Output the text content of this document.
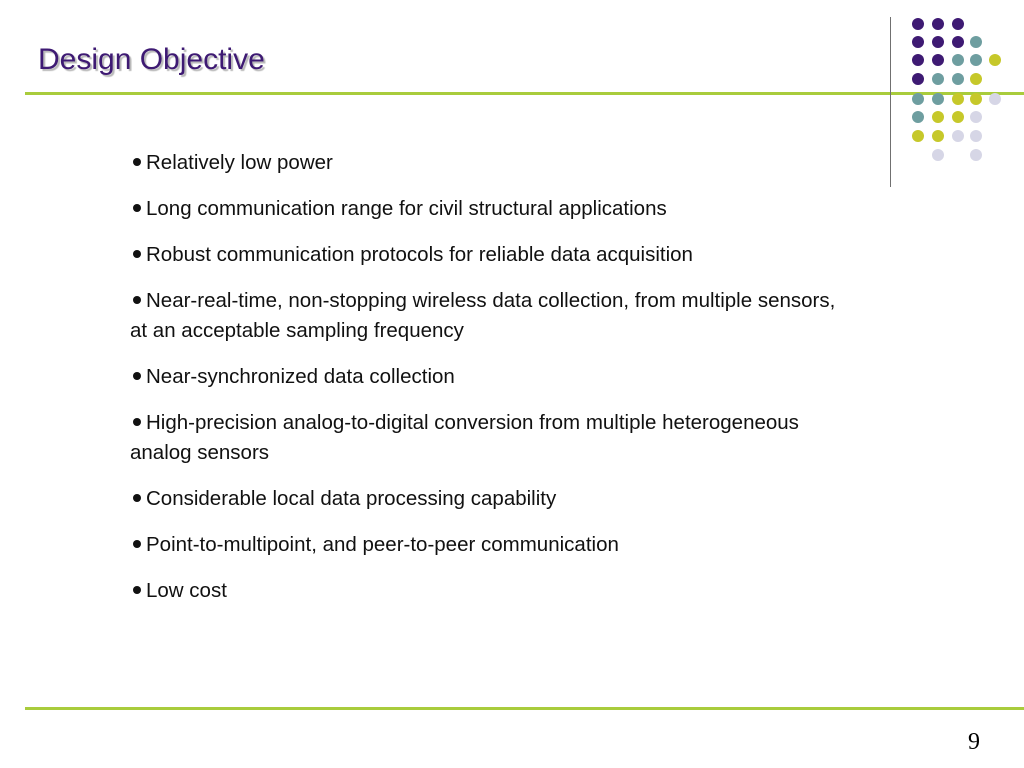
Design Objective
Relatively low power
Long communication range for civil structural applications
Robust communication protocols for reliable data acquisition
Near-real-time, non-stopping wireless data collection, from multiple sensors, at an acceptable sampling frequency
Near-synchronized data collection
High-precision analog-to-digital conversion from multiple heterogeneous analog sensors
Considerable local data processing capability
Point-to-multipoint, and peer-to-peer communication
Low cost
9
